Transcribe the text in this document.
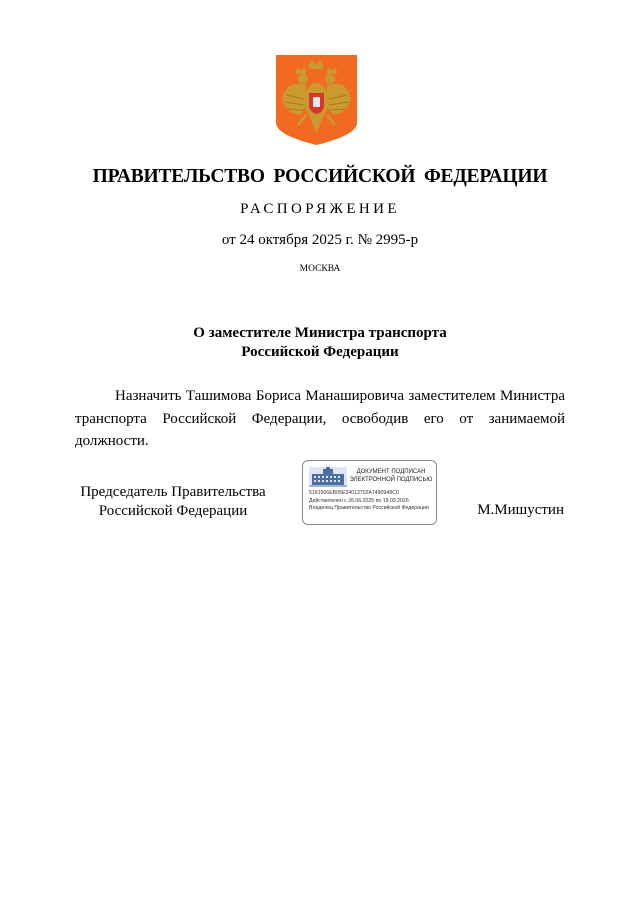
ПРАВИТЕЛЬСТВО РОССИЙСКОЙ ФЕДЕРАЦИИ
РАСПОРЯЖЕНИЕ
от 24 октября 2025 г. № 2995-р
МОСКВА
О заместителе Министра транспорта
Российской Федерации
Назначить Ташимова Бориса Манашировича заместителем Министра транспорта Российской Федерации, освободив его от занимаемой должности.
Председатель Правительства
Российской Федерации
ДОКУМЕНТ ПОДПИСАН
ЭЛЕКТРОННОЙ ПОДПИСЬЮ
5161566EB05E34013702A7490948C0
Действителен с 26.06.2025 по 19.09.2026
Владелец Правительство Российской Федерации	М.Мишустин
